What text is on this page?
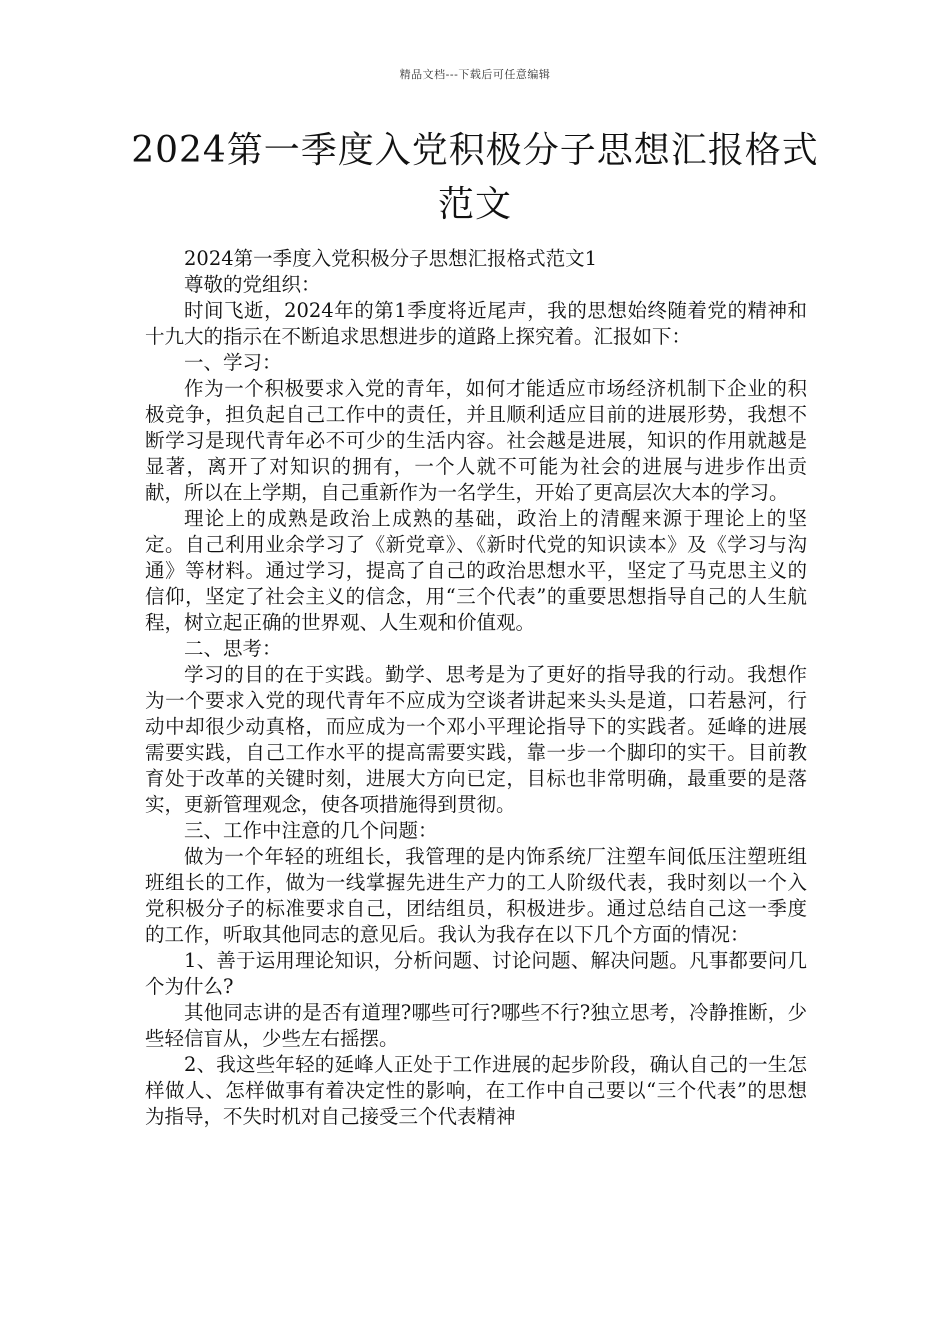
精品文档---下载后可任意编辑
2024第一季度入党积极分子思想汇报格式范文

2024第一季度入党积极分子思想汇报格式范文1

尊敬的党组织：

时间飞逝，2024年的第1季度将近尾声，我的思想始终随着党的精神和十九大的指示在不断追求思想进步的道路上探究着。汇报如下：

一、学习：

作为一个积极要求入党的青年，如何才能适应市场经济机制下企业的积极竞争，担负起自己工作中的责任，并且顺利适应目前的进展形势，我想不断学习是现代青年必不可少的生活内容。社会越是进展，知识的作用就越是显著，离开了对知识的拥有，一个人就不可能为社会的进展与进步作出贡献，所以在上学期，自己重新作为一名学生，开始了更高层次大本的学习。

理论上的成熟是政治上成熟的基础，政治上的清醒来源于理论上的坚定。自己利用业余学习了《新党章》、《新时代党的知识读本》及《学习与沟通》等材料。通过学习，提高了自己的政治思想水平，坚定了马克思主义的信仰，坚定了社会主义的信念，用“三个代表”的重要思想指导自己的人生航程，树立起正确的世界观、人生观和价值观。

二、思考：

学习的目的在于实践。勤学、思考是为了更好的指导我的行动。我想作为一个要求入党的现代青年不应成为空谈者讲起来头头是道，口若悬河，行动中却很少动真格，而应成为一个邓小平理论指导下的实践者。延峰的进展需要实践，自己工作水平的提高需要实践，靠一步一个脚印的实干。目前教育处于改革的关键时刻，进展大方向已定，目标也非常明确，最重要的是落实，更新管理观念，使各项措施得到贯彻。

三、工作中注意的几个问题：

做为一个年轻的班组长，我管理的是内饰系统厂注塑车间低压注塑班组班组长的工作，做为一线掌握先进生产力的工人阶级代表，我时刻以一个入党积极分子的标准要求自己，团结组员，积极进步。通过总结自己这一季度的工作，听取其他同志的意见后。我认为我存在以下几个方面的情况：

1、善于运用理论知识，分析问题、讨论问题、解决问题。凡事都要问几个为什么?

其他同志讲的是否有道理?哪些可行?哪些不行?独立思考，冷静推断，少些轻信盲从，少些左右摇摆。

2、我这些年轻的延峰人正处于工作进展的起步阶段，确认自己的一生怎样做人、怎样做事有着决定性的影响，在工作中自己要以“三个代表”的思想为指导，不失时机对自己接受三个代表精神
